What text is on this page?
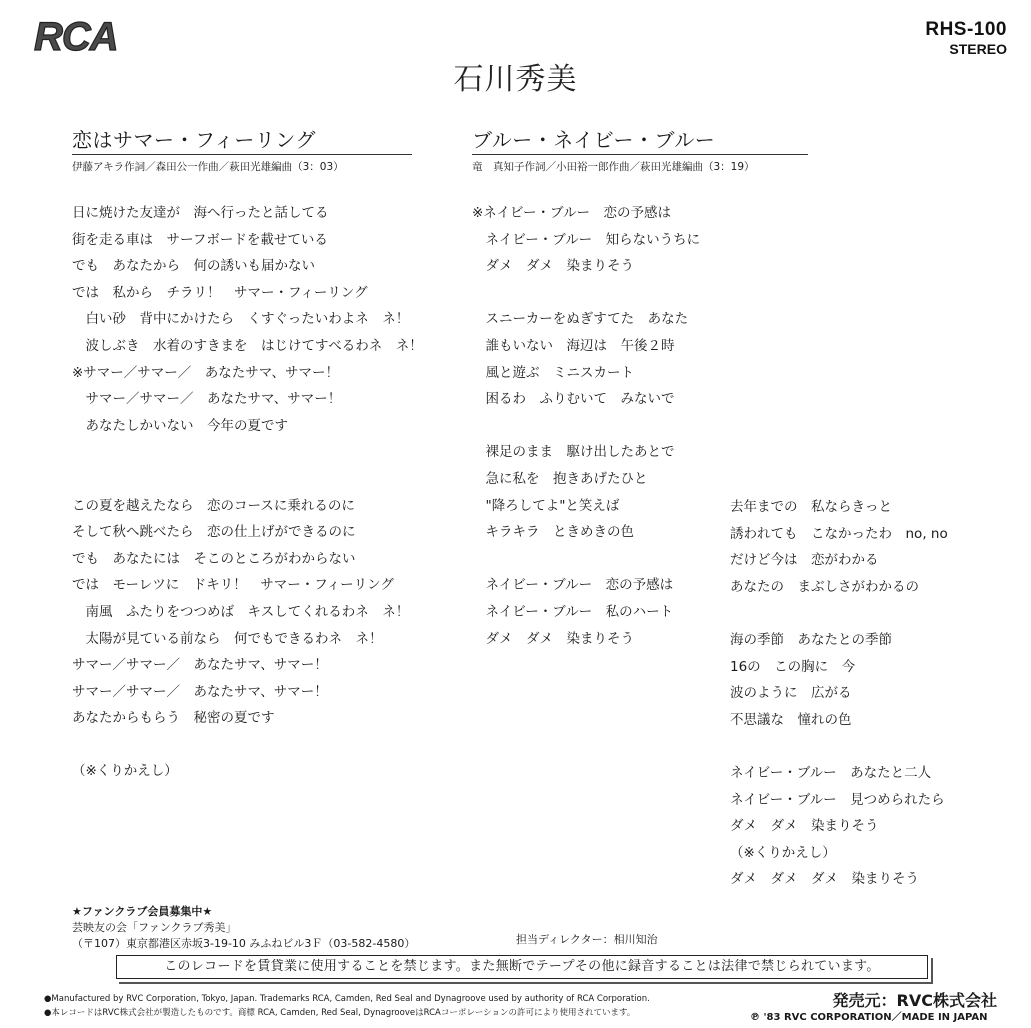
RCA	RHS-100
STEREO
石川秀美
恋はサマー・フィーリング
伊藤アキラ作詞／森田公一作曲／萩田光雄編曲（3：03）
日に焼けた友達が　海へ行ったと話してる
街を走る車は　サーフボードを載せている
でも　あなたから　何の誘いも届かない
では　私から　チラリ！　サマー・フィーリング
　白い砂　背中にかけたら　くすぐったいわよネ　ネ！
　波しぶき　水着のすきまを　はじけてすべるわネ　ネ！
※サマー／サマー／　あなたサマ、サマー！
　サマー／サマー／　あなたサマ、サマー！
　あなたしかいない　今年の夏です
この夏を越えたなら　恋のコースに乗れるのに
そして秋へ跳べたら　恋の仕上げができるのに
でも　あなたには　そこのところがわからない
では　モーレツに　ドキリ！　サマー・フィーリング
　南風　ふたりをつつめば　キスしてくれるわネ　ネ！
　太陽が見ている前なら　何でもできるわネ　ネ！
サマー／サマー／　あなたサマ、サマー！
サマー／サマー／　あなたサマ、サマー！
あなたからもらう　秘密の夏です
（※くりかえし）
ブルー・ネイビー・ブルー
竜　真知子作詞／小田裕一郎作曲／萩田光雄編曲（3：19）
※ネイビー・ブルー　恋の予感は
　ネイビー・ブルー　知らないうちに
　ダメ　ダメ　染まりそう
　スニーカーをぬぎすてた　あなた
　誰もいない　海辺は　午後２時
　風と遊ぶ　ミニスカート
　困るわ　ふりむいて　みないで
　裸足のまま　駆け出したあとで
　急に私を　抱きあげたひと
　"降ろしてよ"と笑えば
　キラキラ　ときめきの色
　ネイビー・ブルー　恋の予感は
　ネイビー・ブルー　私のハート
　ダメ　ダメ　染まりそう
去年までの　私ならきっと
誘われても　こなかったわ　no, no
だけど今は　恋がわかる
あなたの　まぶしさがわかるの
海の季節　あなたとの季節
16の　この胸に　今
波のように　広がる
不思議な　憧れの色
ネイビー・ブルー　あなたと二人
ネイビー・ブルー　見つめられたら
ダメ　ダメ　染まりそう
（※くりかえし）
ダメ　ダメ　ダメ　染まりそう
★ファンクラブ会員募集中★
芸映友の会「ファンクラブ秀美」
（〒107）東京都港区赤坂3-19-10 みふねビル3Ｆ（03-582-4580）	担当ディレクター：相川知治
このレコードを賃貸業に使用することを禁じます。また無断でテープその他に録音することは法律で禁じられています。
●Manufactured by RVC Corporation, Tokyo, Japan. Trademarks RCA, Camden, Red Seal and Dynagroove used by authority of RCA Corporation.
●本レコードはRVC株式会社が製造したものです。商標 RCA, Camden, Red Seal, DynagrooveはRCAコーポレーションの許可により使用されています。
発売元：RVC株式会社
℗ '83 RVC CORPORATION／MADE IN JAPAN
